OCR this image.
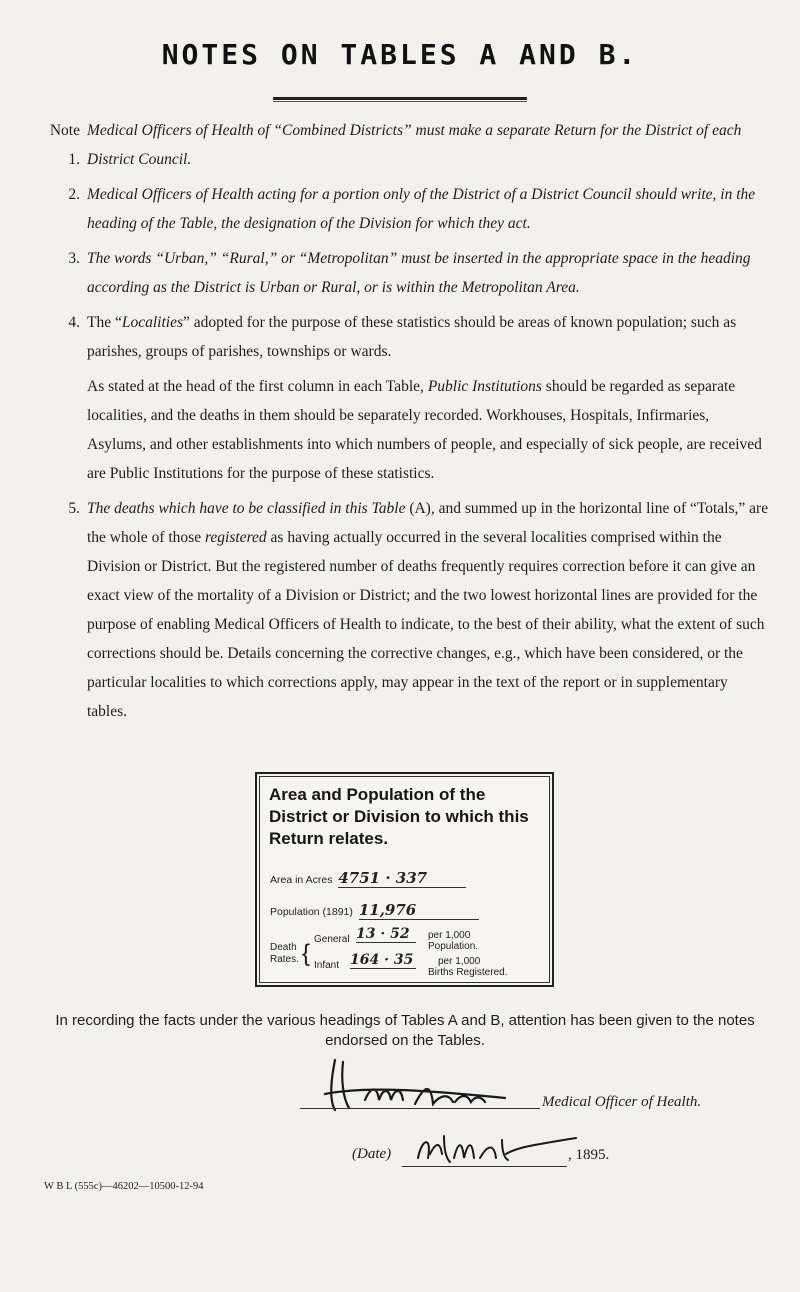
NOTES ON TABLES A AND B.
Note 1.

Medical Officers of Health of “Combined Districts” must make a separate Return for the District of each District Council.

2. Medical Officers of Health acting for a portion only of the District of a District Council should write, in the heading of the Table, the designation of the Division for which they act.

3. The words “Urban,” “Rural,” or “Metropolitan” must be inserted in the appropriate space in the heading according as the District is Urban or Rural, or is within the Metropolitan Area.

4. The “Localities” adopted for the purpose of these statistics should be areas of known population; such as parishes, groups of parishes, townships or wards.

As stated at the head of the first column in each Table, Public Institutions should be regarded as separate localities, and the deaths in them should be separately recorded. Workhouses, Hospitals, Infirmaries, Asylums, and other establishments into which numbers of people, and especially of sick people, are received are Public Institutions for the purpose of these statistics.

5. The deaths which have to be classified in this Table (A), and summed up in the horizontal line of “Totals,” are the whole of those registered as having actually occurred in the several localities comprised within the Division or District. But the registered number of deaths frequently requires correction before it can give an exact view of the mortality of a Division or District; and the two lowest horizontal lines are provided for the purpose of enabling Medical Officers of Health to indicate, to the best of their ability, what the extent of such corrections should be. Details concerning the corrective changes, e.g., which have been considered, or the particular localities to which corrections apply, may appear in the text of the report or in supplementary tables.

Area and Population of the District or Division to which this Return relates.
Area in Acres 4751 · 337
Population (1891) 11,976
Death
Rates. {
General 13 · 52	per 1,000
Population.
Infant 164 · 35 per 1,000
Births Registered.
In recording the facts under the various headings of Tables A and B, attention has been given to the notes endorsed on the Tables.
Medical Officer of Health.
(Date)	, 1895.
W B L (555c)—46202—10500-12-94
